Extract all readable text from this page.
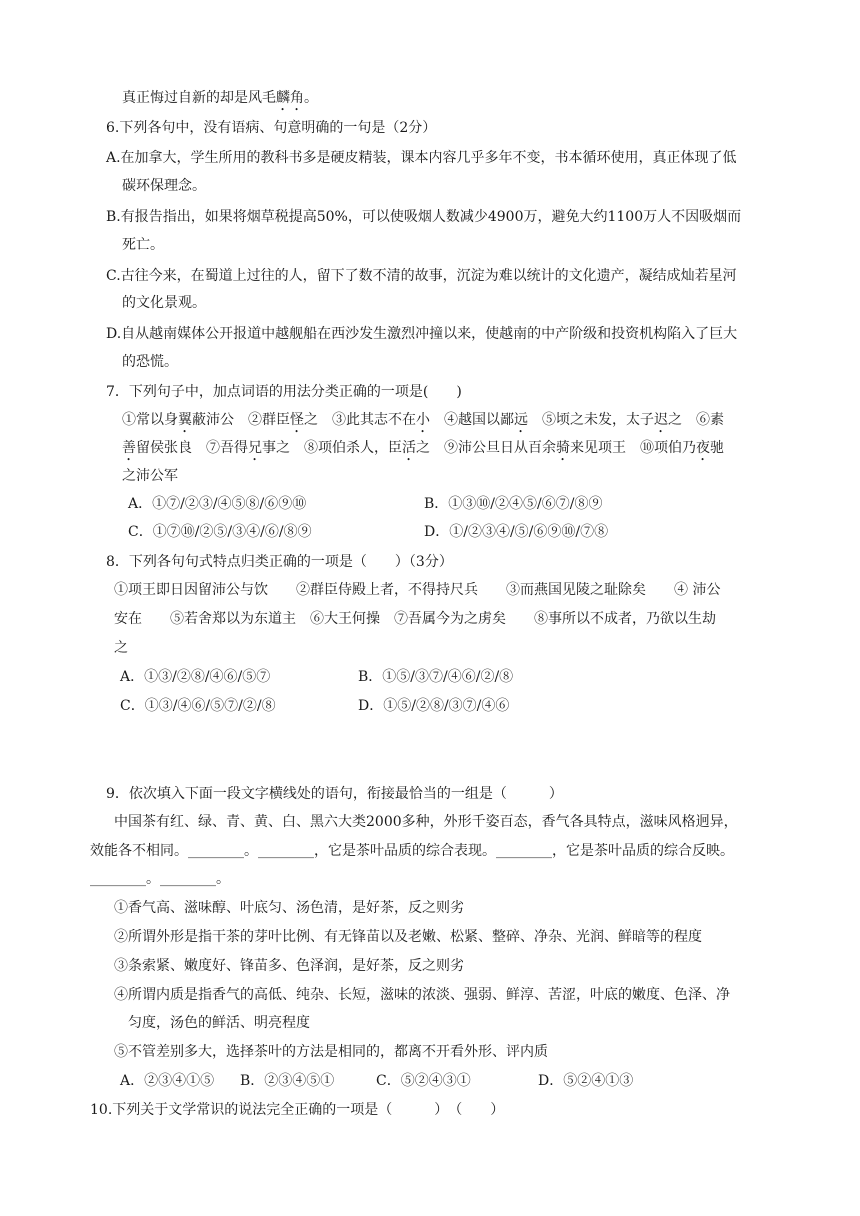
真正悔过自新的却是风毛麟角。
6.下列各句中，没有语病、句意明确的一句是（2分）
A.在加拿大，学生所用的教科书多是硬皮精装，课本内容几乎多年不变，书本循环使用，真正体现了低
碳环保理念。
B.有报告指出，如果将烟草税提高50%，可以使吸烟人数减少4900万，避免大约1100万人不因吸烟而
死亡。
C.古往今来，在蜀道上过往的人，留下了数不清的故事，沉淀为难以统计的文化遗产，凝结成灿若星河
的文化景观。
D.自从越南媒体公开报道中越舰船在西沙发生激烈冲撞以来，使越南的中产阶级和投资机构陷入了巨大
的恐慌。
7．下列句子中，加点词语的用法分类正确的一项是(　　)
①常以身翼蔽沛公　②群臣怪之　③此其志不在小　④越国以鄙远　⑤顷之未发，太子迟之　⑥素
善留侯张良　⑦吾得兄事之　⑧项伯杀人，臣活之　⑨沛公旦日从百余骑来见项王　⑩项伯乃夜驰
之沛公军
A．①⑦/②③/④⑤⑧/⑥⑨⑩	B．①③⑩/②④⑤/⑥⑦/⑧⑨
C．①⑦⑩/②⑤/③④/⑥/⑧⑨	D．①/②③④/⑤/⑥⑨⑩/⑦⑧
8．下列各句句式特点归类正确的一项是（　　）（3分）
①项王即日因留沛公与饮　　②群臣侍殿上者，不得持尺兵　　③而燕国见陵之耻除矣　　④ 沛公
安在　　⑤若舍郑以为东道主　⑥大王何操　⑦吾属今为之虏矣　　⑧事所以不成者，乃欲以生劫
之
A．①③/②⑧/④⑥/⑤⑦	B．①⑤/③⑦/④⑥/②/⑧
C．①③/④⑥/⑤⑦/②/⑧	D．①⑤/②⑧/③⑦/④⑥
9．依次填入下面一段文字横线处的语句，衔接最恰当的一组是（　　　）
中国茶有红、绿、青、黄、白、黑六大类2000多种，外形千姿百态，香气各具特点，滋味风格迥异，
效能各不相同。________。________，它是茶叶品质的综合表现。________，它是茶叶品质的综合反映。
________。________。
①香气高、滋味醇、叶底匀、汤色清，是好茶，反之则劣
②所谓外形是指干茶的芽叶比例、有无锋苗以及老嫩、松紧、整碎、净杂、光润、鲜暗等的程度
③条索紧、嫩度好、锋苗多、色泽润，是好茶，反之则劣
④所谓内质是指香气的高低、纯杂、长短，滋味的浓淡、强弱、鲜淳、苦涩，叶底的嫩度、色泽、净
匀度，汤色的鲜活、明亮程度
⑤不管差别多大，选择茶叶的方法是相同的，都离不开看外形、评内质
A．②③④①⑤ B．②③④⑤①	C．⑤②④③①	D．⑤②④①③
10.下列关于文学常识的说法完全正确的一项是（　　　）　（　　）
